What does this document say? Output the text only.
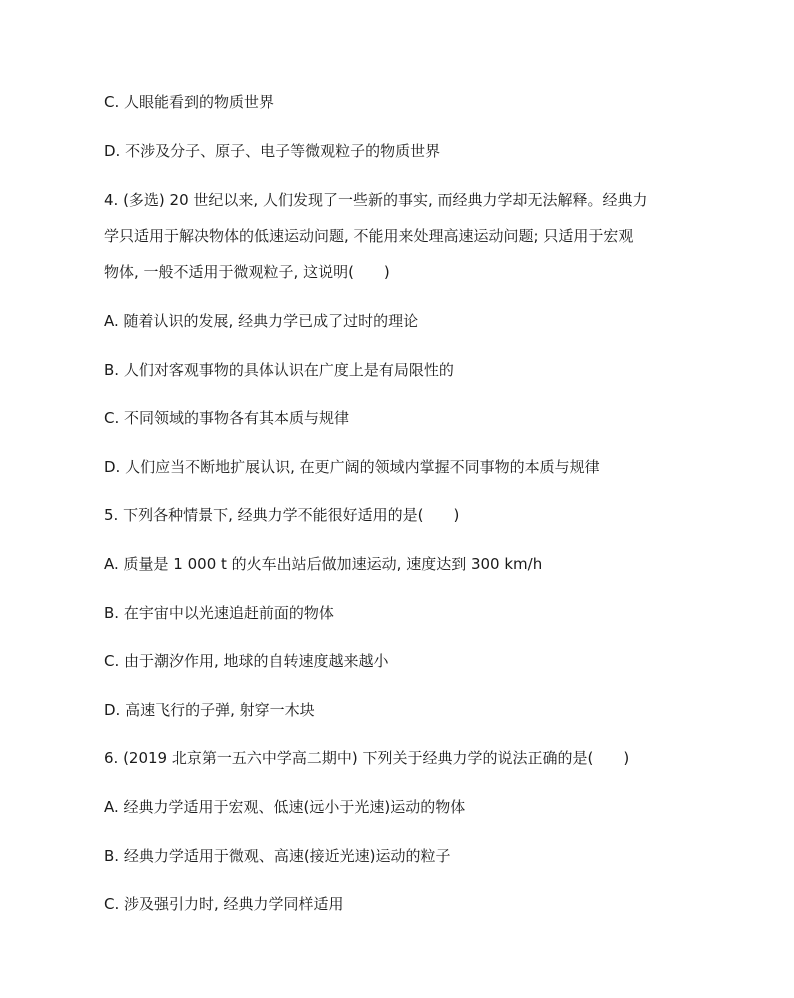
C. 人眼能看到的物质世界
D. 不涉及分子、原子、电子等微观粒子的物质世界
4. (多选) 20 世纪以来, 人们发现了一些新的事实, 而经典力学却无法解释。经典力
学只适用于解决物体的低速运动问题, 不能用来处理高速运动问题; 只适用于宏观
物体, 一般不适用于微观粒子, 这说明(　　)
A. 随着认识的发展, 经典力学已成了过时的理论
B. 人们对客观事物的具体认识在广度上是有局限性的
C. 不同领域的事物各有其本质与规律
D. 人们应当不断地扩展认识, 在更广阔的领域内掌握不同事物的本质与规律
5. 下列各种情景下, 经典力学不能很好适用的是(　　)
A. 质量是 1 000 t 的火车出站后做加速运动, 速度达到 300 km/h
B. 在宇宙中以光速追赶前面的物体
C. 由于潮汐作用, 地球的自转速度越来越小
D. 高速飞行的子弹, 射穿一木块
6. (2019 北京第一五六中学高二期中) 下列关于经典力学的说法正确的是(　　)
A. 经典力学适用于宏观、低速(远小于光速)运动的物体
B. 经典力学适用于微观、高速(接近光速)运动的粒子
C. 涉及强引力时, 经典力学同样适用
